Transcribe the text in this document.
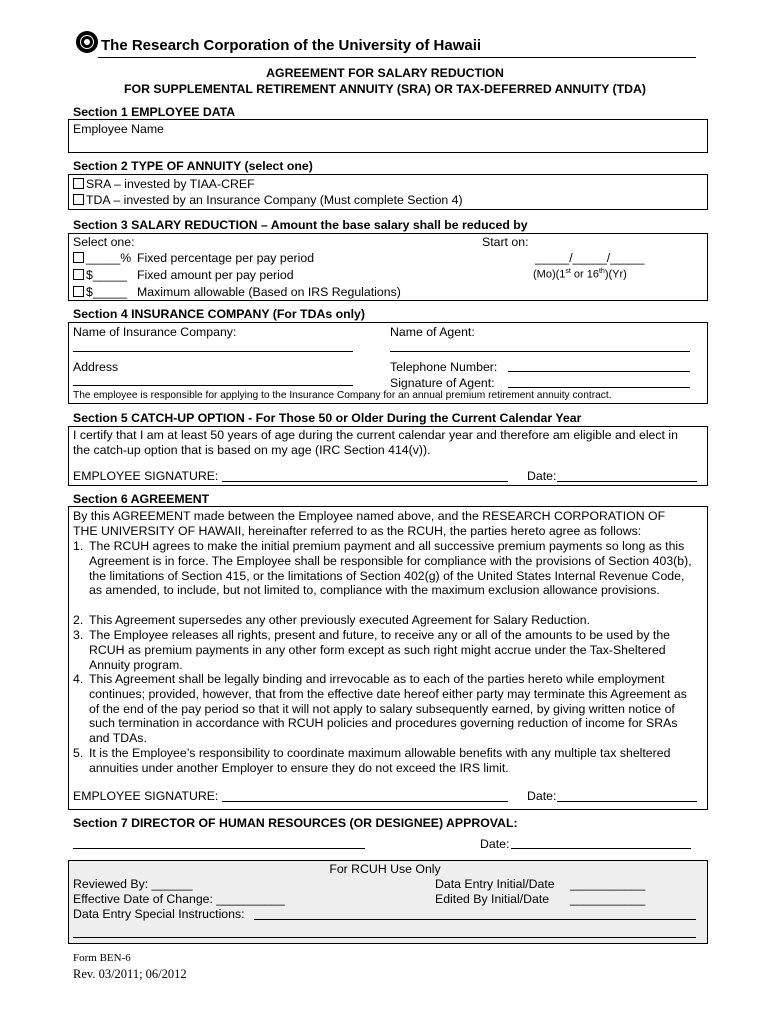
The Research Corporation of the University of Hawaii
AGREEMENT FOR SALARY REDUCTION
FOR SUPPLEMENTAL RETIREMENT ANNUITY (SRA) OR TAX-DEFERRED ANNUITY (TDA)
Section 1 EMPLOYEE DATA
Employee Name
Section 2 TYPE OF ANNUITY (select one)
SRA – invested by TIAA-CREF
TDA – invested by an Insurance Company (Must complete Section 4)
Section 3 SALARY REDUCTION – Amount the base salary shall be reduced by
Select one:	Start on:
_____% Fixed percentage per pay period
$_____ Fixed amount per pay period
$_____ Maximum allowable (Based on IRS Regulations)
_____/_____/_____
(Mo)(1st or 16th)(Yr)
Section 4 INSURANCE COMPANY (For TDAs only)
Name of Insurance Company:	Name of Agent:
Address	Telephone Number:
Signature of Agent:
The employee is responsible for applying to the Insurance Company for an annual premium retirement annuity contract.
Section 5 CATCH-UP OPTION - For Those 50 or Older During the Current Calendar Year
I certify that I am at least 50 years of age during the current calendar year and therefore am eligible and elect in
the catch-up option that is based on my age (IRC Section 414(v)).
EMPLOYEE SIGNATURE:	Date:
Section 6 AGREEMENT
By this AGREEMENT made between the Employee named above, and the RESEARCH CORPORATION OF
THE UNIVERSITY OF HAWAII, hereinafter referred to as the RCUH, the parties hereto agree as follows:
1. The RCUH agrees to make the initial premium payment and all successive premium payments so long as this Agreement is in force. The Employee shall be responsible for compliance with the provisions of Section 403(b), the limitations of Section 415, or the limitations of Section 402(g) of the United States Internal Revenue Code, as amended, to include, but not limited to, compliance with the maximum exclusion allowance provisions.
2. This Agreement supersedes any other previously executed Agreement for Salary Reduction.
3. The Employee releases all rights, present and future, to receive any or all of the amounts to be used by the RCUH as premium payments in any other form except as such right might accrue under the Tax-Sheltered Annuity program.
4. This Agreement shall be legally binding and irrevocable as to each of the parties hereto while employment continues; provided, however, that from the effective date hereof either party may terminate this Agreement as of the end of the pay period so that it will not apply to salary subsequently earned, by giving written notice of such termination in accordance with RCUH policies and procedures governing reduction of income for SRAs and TDAs.
5. It is the Employee’s responsibility to coordinate maximum allowable benefits with any multiple tax sheltered annuities under another Employer to ensure they do not exceed the IRS limit.
EMPLOYEE SIGNATURE:	Date:
Section 7 DIRECTOR OF HUMAN RESOURCES (OR DESIGNEE) APPROVAL:
Date:
For RCUH Use Only
Reviewed By: ______	Data Entry Initial/Date ___________
Effective Date of Change: __________	Edited By Initial/Date ___________
Data Entry Special Instructions:
Form BEN-6
Rev. 03/2011; 06/2012
